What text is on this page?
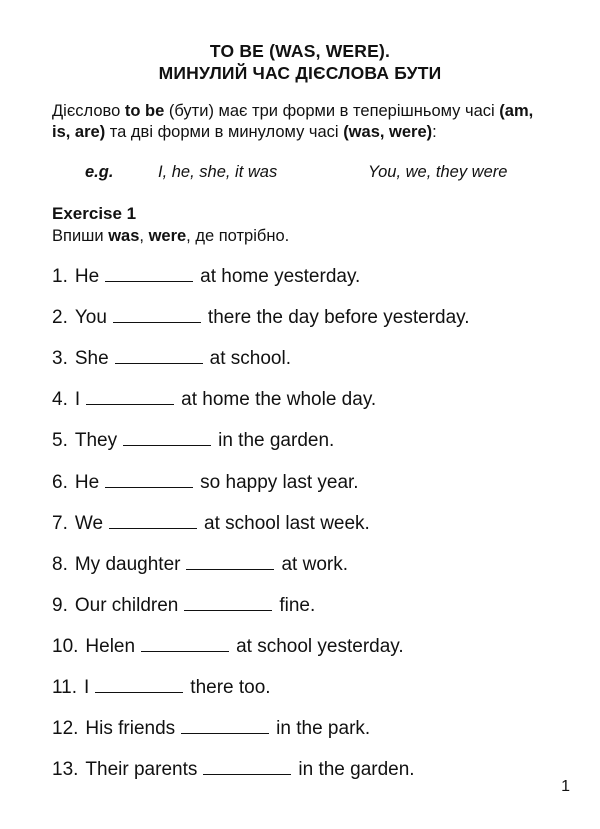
TO BE (WAS, WERE).
МИНУЛИЙ ЧАС ДІЄСЛОВА БУТИ
Дієслово to be (бути) має три форми в теперішньому часі (am, is, are) та дві форми в минулому часі (was, were):
e.g.	I, he, she, it was	You, we, they were
Exercise 1
Впиши was, were, де потрібно.
1. He	at home yesterday.
2. You	there the day before yesterday.
3. She	at school.
4. I	at home the whole day.
5. They	in the garden.
6. He	so happy last year.
7. We	at school last week.
8. My daughter	at work.
9. Our children	fine.
10. Helen	at school yesterday.
11. I	there too.
12. His friends	in the park.
13. Their parents	in the garden.
1
